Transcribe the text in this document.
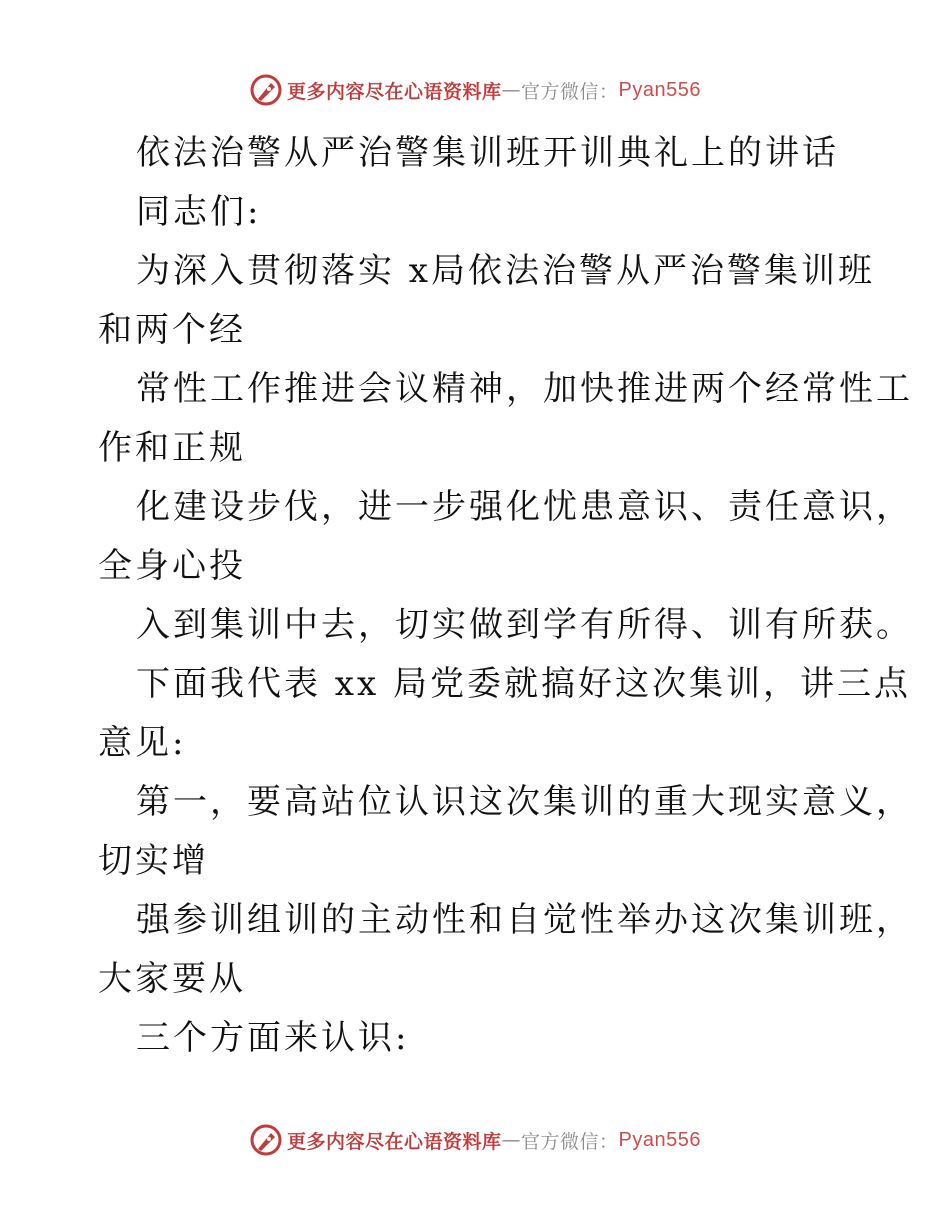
更多内容尽在心语资料库 — 官方微信： Pyan556
依法治警从严治警集训班开训典礼上的讲话
同志们:
为深入贯彻落实 x局依法治警从严治警集训班
和两个经
常性工作推进会议精神，加快推进两个经常性工
作和正规
化建设步伐，进一步强化忧患意识、责任意识，
全身心投
入到集训中去，切实做到学有所得、训有所获。
下面我代表 xx 局党委就搞好这次集训，讲三点
意见:
第一，要高站位认识这次集训的重大现实意义，
切实增
强参训组训的主动性和自觉性举办这次集训班，
大家要从
三个方面来认识:
更多内容尽在心语资料库 — 官方微信： Pyan556
